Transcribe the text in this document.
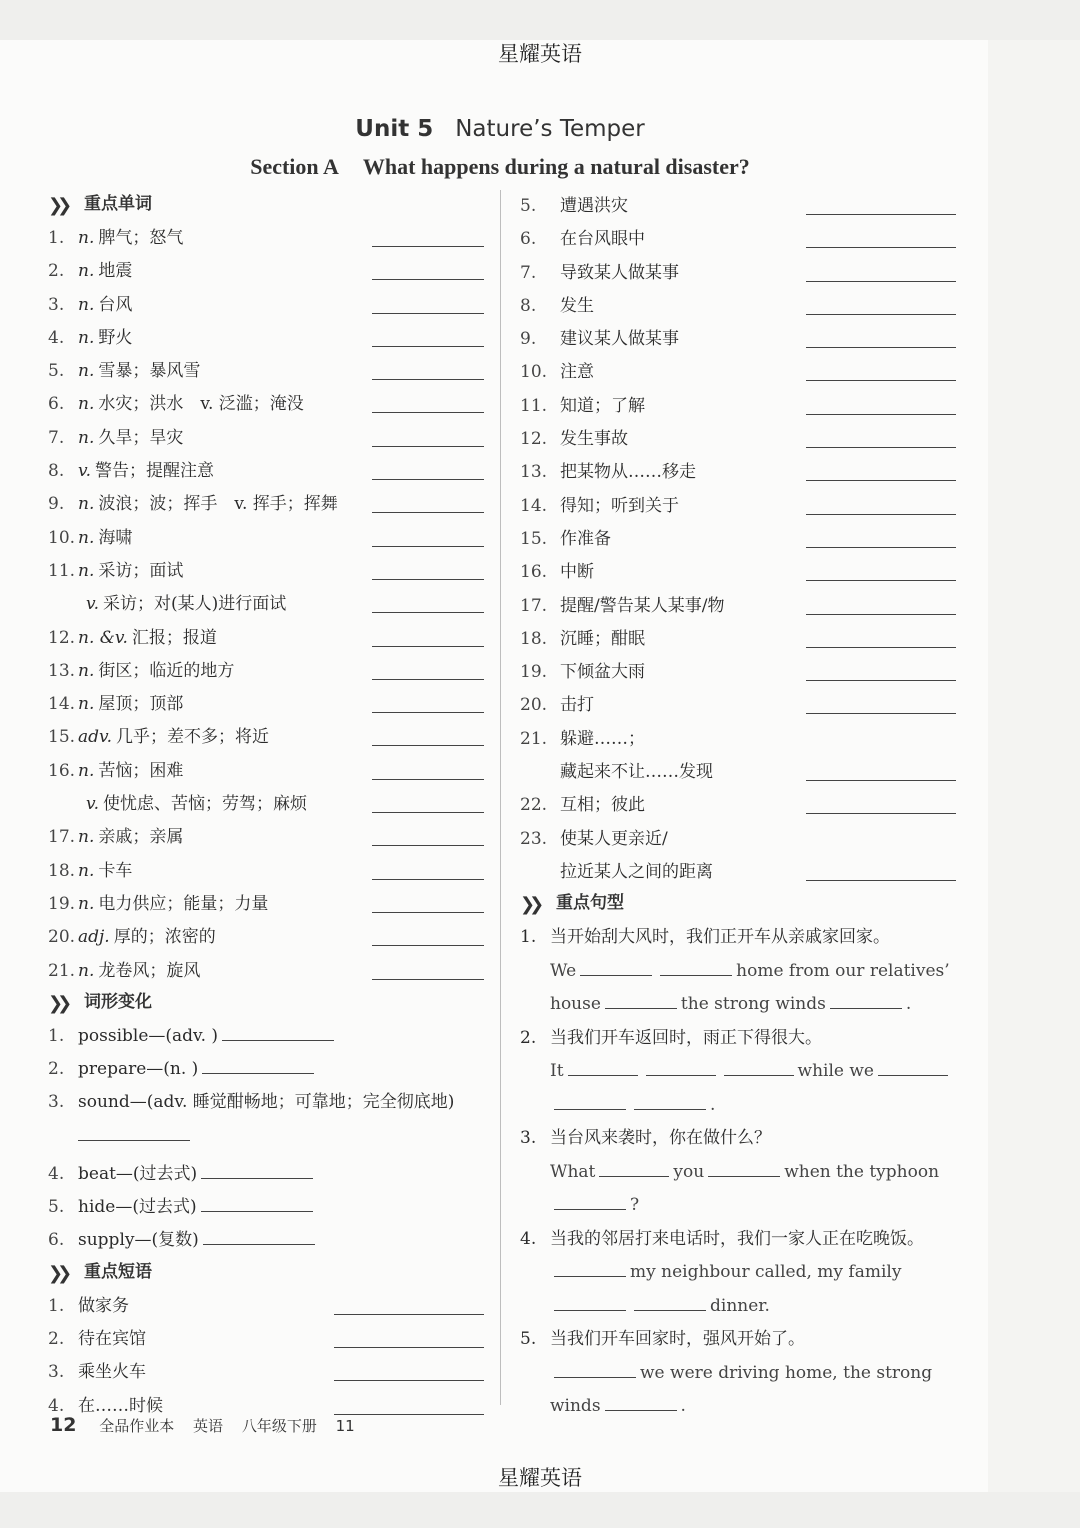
星耀英语
星耀英语
Unit 5 Nature’s Temper
Section A What happens during a natural disaster?
❯❯ 重点单词
1. n. 脾气；怒气
2. n. 地震
3. n. 台风
4. n. 野火
5. n. 雪暴；暴风雪
6. n. 水灾；洪水　v. 泛滥；淹没
7. n. 久旱；旱灾
8. v. 警告；提醒注意
9. n. 波浪；波；挥手　v. 挥手；挥舞
10. n. 海啸
11. n. 采访；面试
v. 采访；对(某人)进行面试
12. n. &v. 汇报；报道
13. n. 街区；临近的地方
14. n. 屋顶；顶部
15. adv. 几乎；差不多；将近
16. n. 苦恼；困难
v. 使忧虑、苦恼；劳驾；麻烦
17. n. 亲戚；亲属
18. n. 卡车
19. n. 电力供应；能量；力量
20. adj. 厚的；浓密的
21. n. 龙卷风；旋风
❯❯ 词形变化
1. possible—(adv. )
2. prepare—(n. )
3. sound—(adv. 睡觉酣畅地；可靠地；完全彻底地)
4. beat—(过去式)
5. hide—(过去式)
6. supply—(复数)
❯❯ 重点短语
1. 做家务
2. 待在宾馆
3. 乘坐火车
4. 在……时候
5. 遭遇洪灾
6. 在台风眼中
7. 导致某人做某事
8. 发生
9. 建议某人做某事
10. 注意
11. 知道；了解
12. 发生事故
13. 把某物从……移走
14. 得知；听到关于
15. 作准备
16. 中断
17. 提醒/警告某人某事/物
18. 沉睡；酣眠
19. 下倾盆大雨
20. 击打
21. 躲避……；
藏起来不让……发现
22. 互相；彼此
23. 使某人更亲近/
拉近某人之间的距离
❯❯ 重点句型
1. 当开始刮大风时，我们正开车从亲戚家回家。
We	home from our relatives’
house	the strong winds	.
2. 当我们开车返回时，雨正下得很大。
It	while we
.
3. 当台风来袭时，你在做什么？
What	you	when the typhoon
?
4. 当我的邻居打来电话时，我们一家人正在吃晚饭。
my neighbour called, my family
dinner.
5. 当我们开车回家时，强风开始了。
we were driving home, the strong
winds	.
12 全品作业本 英语 八年级下册 11
